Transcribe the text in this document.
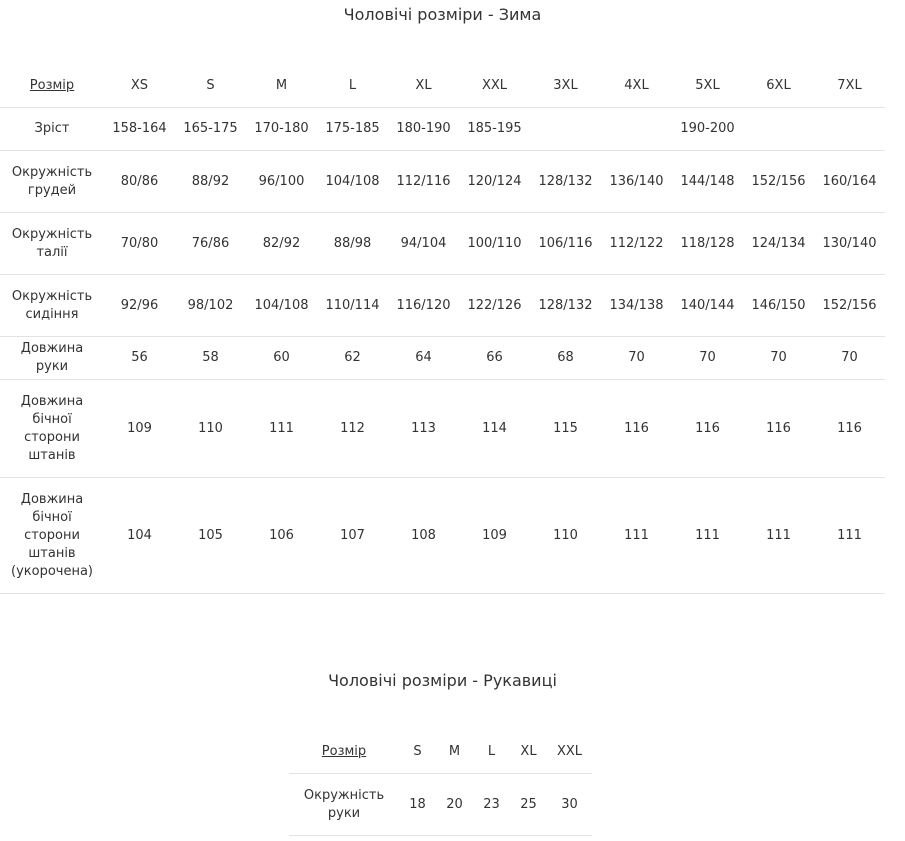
Чоловічі розміри - Зима
Розмір	XS	S	M	L	XL	XXL	3XL	4XL	5XL	6XL	7XL
Зріст	158-164	165-175	170-180	175-185	180-190	185-195			190-200		
Окружність грудей	80/86	88/92	96/100	104/108	112/116	120/124	128/132	136/140	144/148	152/156	160/164
Окружність талії	70/80	76/86	82/92	88/98	94/104	100/110	106/116	112/122	118/128	124/134	130/140
Окружність сидіння	92/96	98/102	104/108	110/114	116/120	122/126	128/132	134/138	140/144	146/150	152/156
Довжина руки	56	58	60	62	64	66	68	70	70	70	70
Довжина бічної сторони штанів	109	110	111	112	113	114	115	116	116	116	116
Довжина бічної сторони штанів (укорочена)	104	105	106	107	108	109	110	111	111	111	111
Чоловічі розміри - Рукавиці
Розмір	S	M	L	XL	XXL
Окружність руки	18	20	23	25	30
